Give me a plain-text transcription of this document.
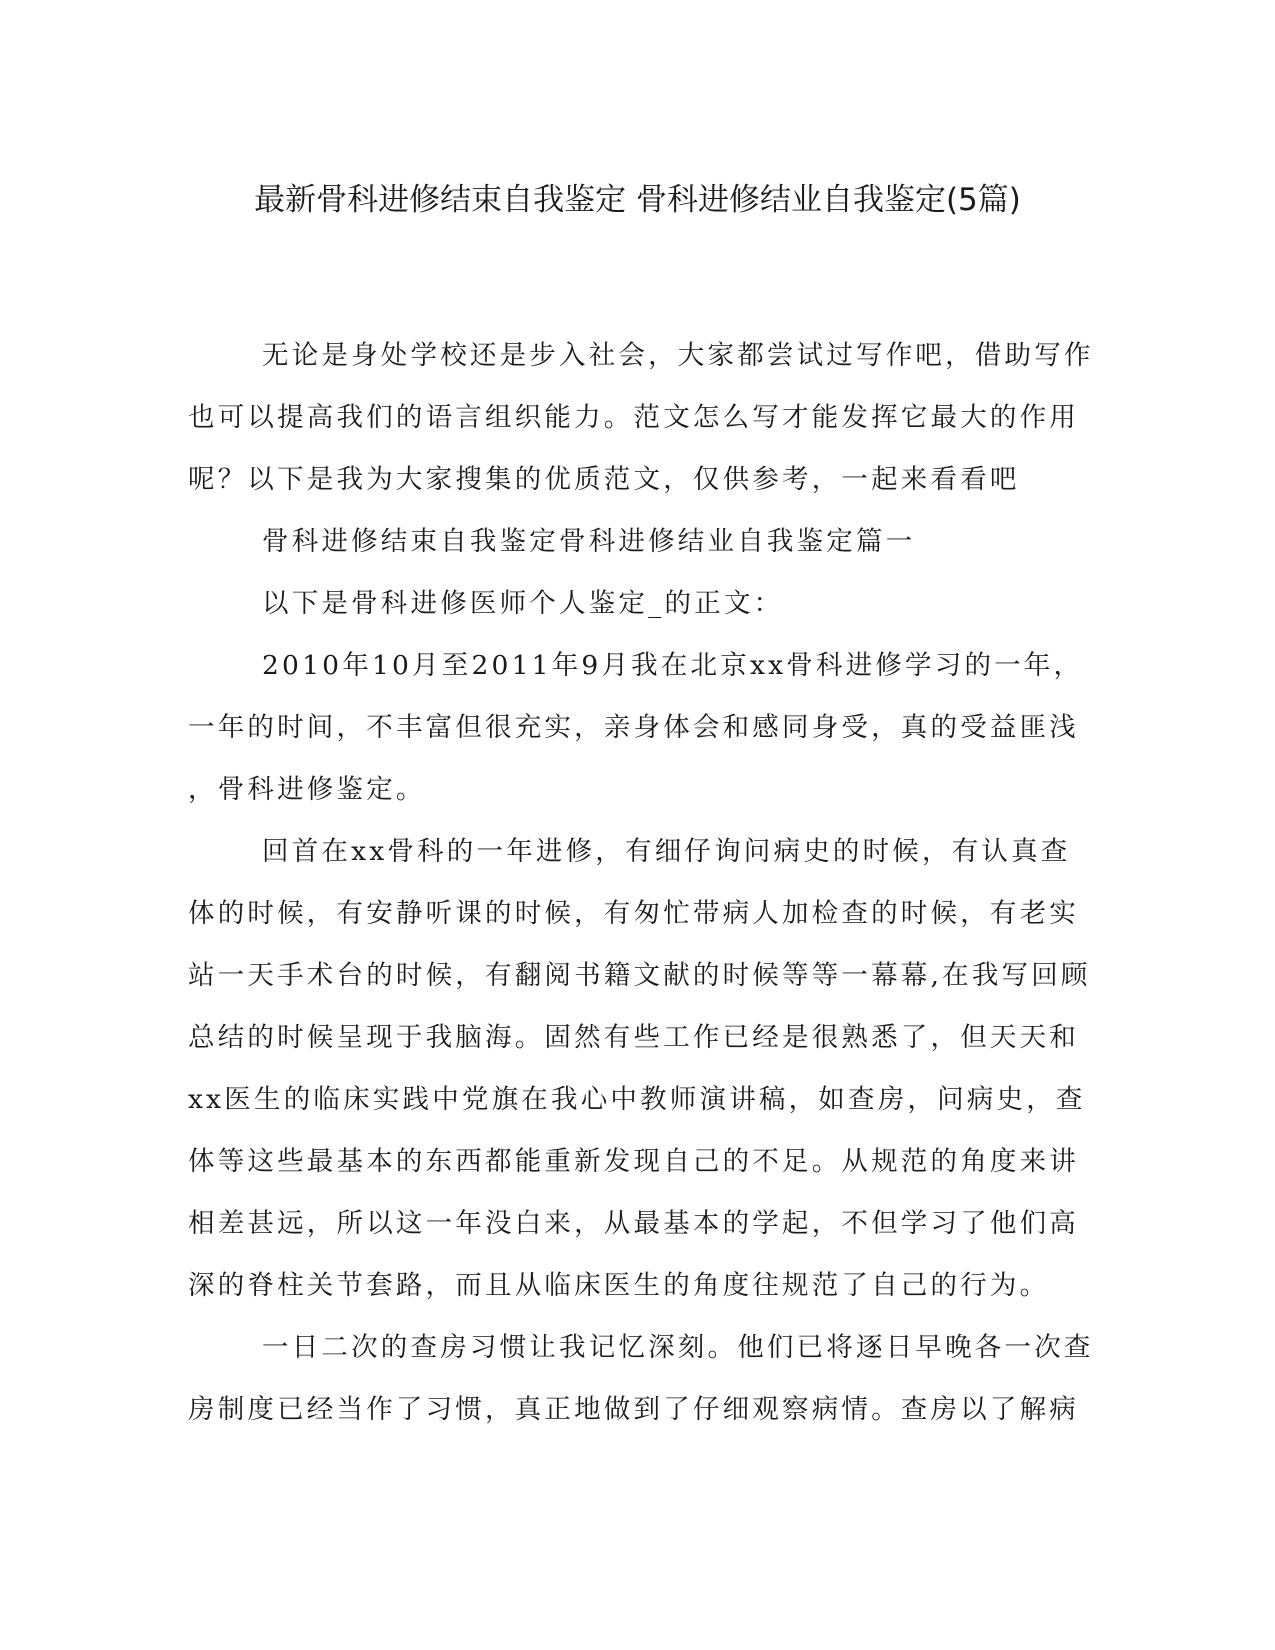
最新骨科进修结束自我鉴定 骨科进修结业自我鉴定(5篇)
无论是身处学校还是步入社会，大家都尝试过写作吧，借助写作
也可以提高我们的语言组织能力。范文怎么写才能发挥它最大的作用
呢？以下是我为大家搜集的优质范文，仅供参考，一起来看看吧
骨科进修结束自我鉴定骨科进修结业自我鉴定篇一
以下是骨科进修医师个人鉴定_的正文：
2010年10月至2011年9月我在北京xx骨科进修学习的一年，
一年的时间，不丰富但很充实，亲身体会和感同身受，真的受益匪浅
，骨科进修鉴定。
回首在xx骨科的一年进修，有细仔询问病史的时候，有认真查
体的时候，有安静听课的时候，有匆忙带病人加检查的时候，有老实
站一天手术台的时候，有翻阅书籍文献的时候等等一幕幕,在我写回顾
总结的时候呈现于我脑海。固然有些工作已经是很熟悉了，但天天和
xx医生的临床实践中党旗在我心中教师演讲稿，如查房，问病史，查
体等这些最基本的东西都能重新发现自己的不足。从规范的角度来讲
相差甚远，所以这一年没白来，从最基本的学起，不但学习了他们高
深的脊柱关节套路，而且从临床医生的角度往规范了自己的行为。
一日二次的查房习惯让我记忆深刻。他们已将逐日早晚各一次查
房制度已经当作了习惯，真正地做到了仔细观察病情。查房以了解病
